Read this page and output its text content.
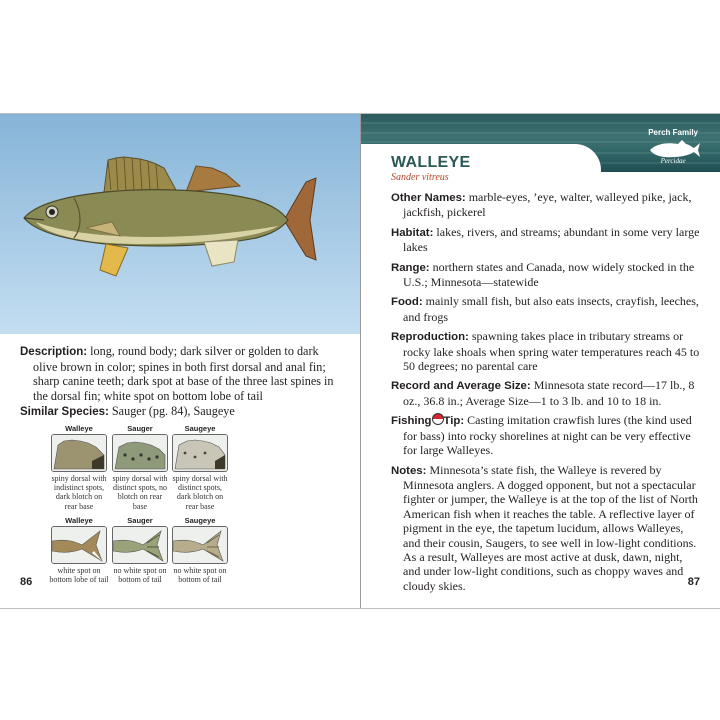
Description: long, round body; dark silver or golden to dark olive brown in color; spines in both first dorsal and anal fin; sharp canine teeth; dark spot at base of the three last spines in the dorsal fin; white spot on bottom lobe of tail
Similar Species: Sauger (pg. 84), Saugeye
Walleye
spiny dorsal with indistinct spots, dark blotch on rear base
Sauger
spiny dorsal with distinct spots, no blotch on rear base
Saugeye
spiny dorsal with distinct spots, dark blotch on rear base
Walleye
white spot on bottom lobe of tail
Sauger
no white spot on bottom of tail
Saugeye
no white spot on bottom of tail
86
Perch Family
Percidae
WALLEYE
Sander vitreus

Other Names: marble-eyes, ’eye, walter, walleyed pike, jack, jackfish, pickerel

Habitat: lakes, rivers, and streams; abundant in some very large lakes

Range: northern states and Canada, now widely stocked in the U.S.; Minnesota—statewide

Food: mainly small fish, but also eats insects, crayfish, leeches, and frogs

Reproduction: spawning takes place in tributary streams or rocky lake shoals when spring water temperatures reach 45 to 50 degrees; no parental care

Record and Average Size: Minnesota state record—17 lb., 8 oz., 36.8 in.; Average Size—1 to 3 lb. and 10 to 18 in.

Fishing Tip: Casting imitation crawfish lures (the kind used for bass) into rocky shorelines at night can be very effective for large Walleyes.

Notes: Minnesota’s state fish, the Walleye is revered by Minnesota anglers. A dogged opponent, but not a spectacular fighter or jumper, the Walleye is at the top of the list of North American fish when it reaches the table. A reflective layer of pigment in the eye, the tapetum lucidum, allows Walleyes, and their cousin, Saugers, to see well in low-light conditions. As a result, Walleyes are most active at dusk, dawn, night, and under low-light conditions, such as choppy waves and cloudy skies.	87
